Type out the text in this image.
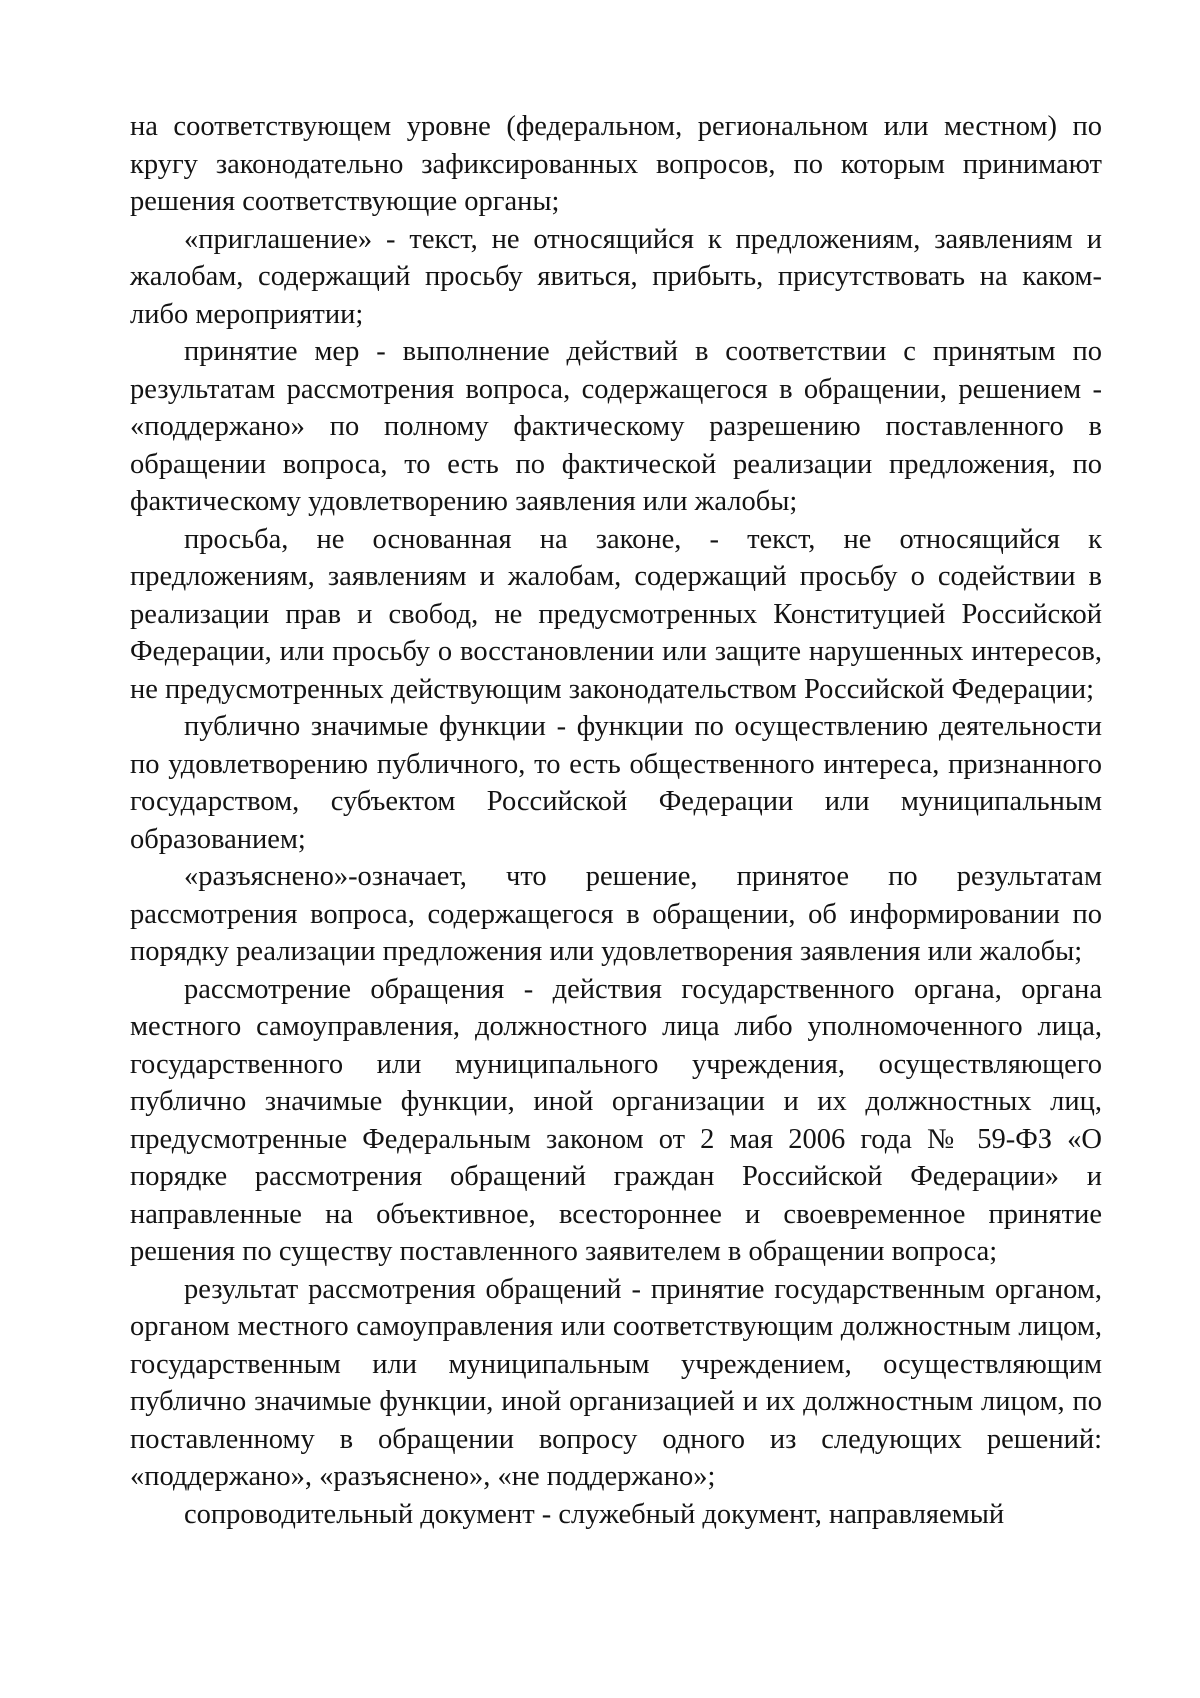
на соответствующем уровне (федеральном, региональном или местном) по кругу законодательно зафиксированных вопросов, по которым принимают решения соответствующие органы;

«приглашение» - текст, не относящийся к предложениям, заявлениям и жалобам, содержащий просьбу явиться, прибыть, присутствовать на каком-либо мероприятии;

принятие мер - выполнение действий в соответствии с принятым по результатам рассмотрения вопроса, содержащегося в обращении, решением - «поддержано» по полному фактическому разрешению поставленного в обращении вопроса, то есть по фактической реализации предложения, по фактическому удовлетворению заявления или жалобы;

просьба, не основанная на законе, - текст, не относящийся к предложениям, заявлениям и жалобам, содержащий просьбу о содействии в реализации прав и свобод, не предусмотренных Конституцией Российской Федерации, или просьбу о восстановлении или защите нарушенных интересов, не предусмотренных действующим законодательством Российской Федерации;

публично значимые функции - функции по осуществлению деятельности по удовлетворению публичного, то есть общественного интереса, признанного государством, субъектом Российской Федерации или муниципальным образованием;

«разъяснено»-означает, что решение, принятое по результатам рассмотрения вопроса, содержащегося в обращении, об информировании по порядку реализации предложения или удовлетворения заявления или жалобы;

рассмотрение обращения - действия государственного органа, органа местного самоуправления, должностного лица либо уполномоченного лица, государственного или муниципального учреждения, осуществляющего публично значимые функции, иной организации и их должностных лиц, предусмотренные Федеральным законом от 2 мая 2006 года № 59-ФЗ «О порядке рассмотрения обращений граждан Российской Федерации» и направленные на объективное, всестороннее и своевременное принятие решения по существу поставленного заявителем в обращении вопроса;

результат рассмотрения обращений - принятие государственным органом, органом местного самоуправления или соответствующим должностным лицом, государственным или муниципальным учреждением, осуществляющим публично значимые функции, иной организацией и их должностным лицом, по поставленному в обращении вопросу одного из следующих решений: «поддержано», «разъяснено», «не поддержано»;

сопроводительный документ - служебный документ, направляемый
